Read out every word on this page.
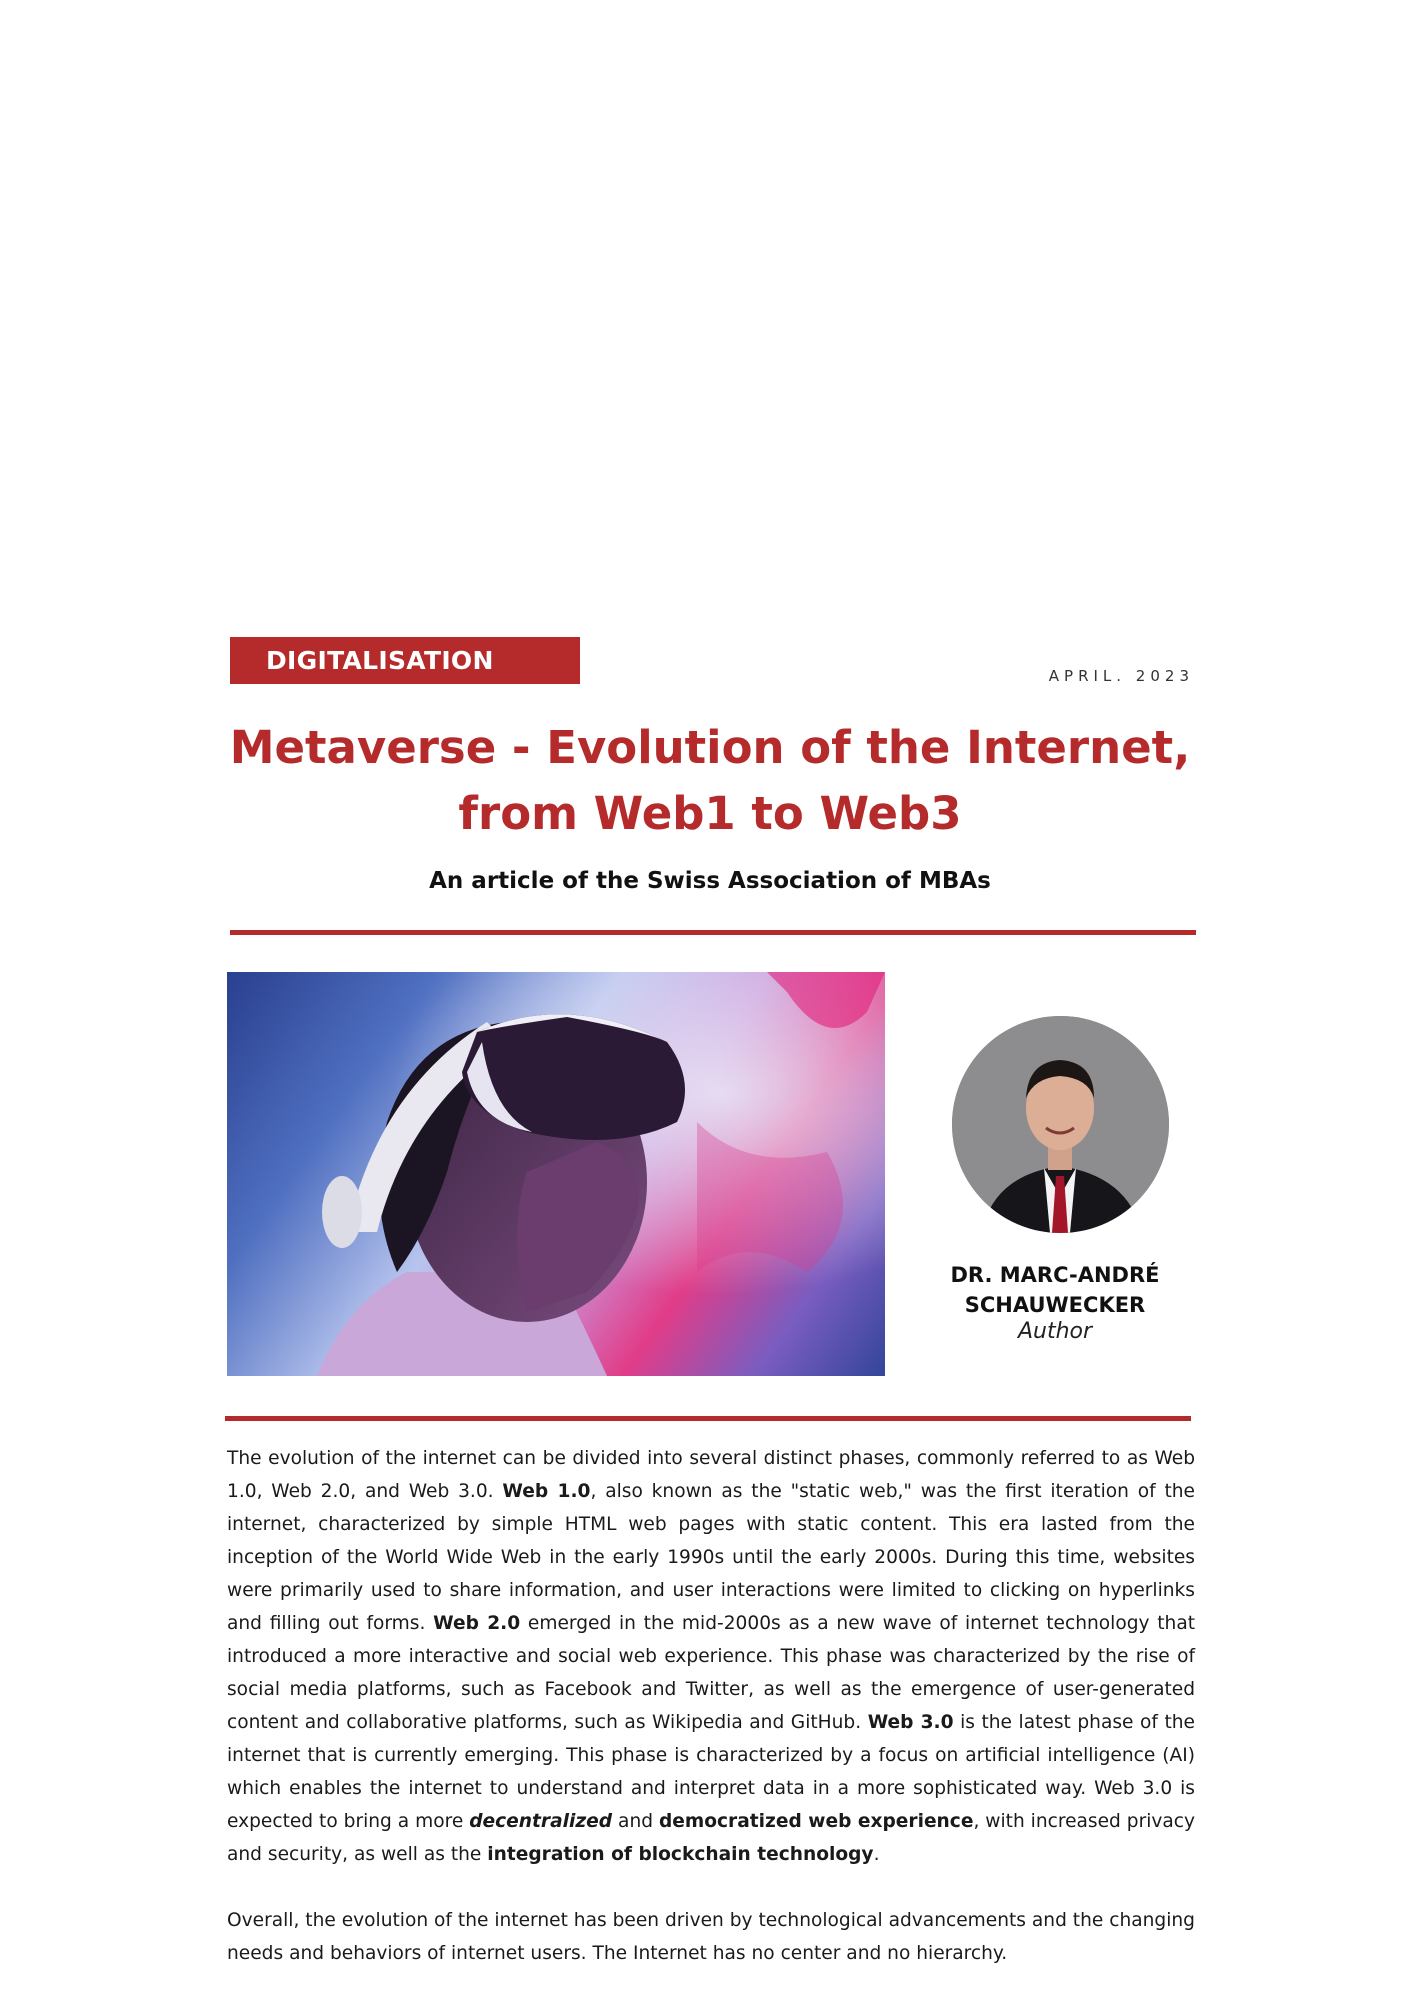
DIGITALISATION
APRIL. 2023
Metaverse - Evolution of the Internet,
from Web1 to Web3
An article of the Swiss Association of MBAs
DR. MARC-ANDRÉ
SCHAUWECKER
Author

The evolution of the internet can be divided into several distinct phases, commonly referred to as Web 1.0, Web 2.0, and Web 3.0. Web 1.0, also known as the "static web," was the first iteration of the internet, characterized by simple HTML web pages with static content. This era lasted from the inception of the World Wide Web in the early 1990s until the early 2000s. During this time, websites were primarily used to share information, and user interactions were limited to clicking on hyperlinks and filling out forms. Web 2.0 emerged in the mid-2000s as a new wave of internet technology that introduced a more interactive and social web experience. This phase was characterized by the rise of social media platforms, such as Facebook and Twitter, as well as the emergence of user-generated content and collaborative platforms, such as Wikipedia and GitHub. Web 3.0 is the latest phase of the internet that is currently emerging. This phase is characterized by a focus on artificial intelligence (AI) which enables the internet to understand and interpret data in a more sophisticated way. Web 3.0 is expected to bring a more decentralized and democratized web experience, with increased privacy and security, as well as the integration of blockchain technology.

Overall, the evolution of the internet has been driven by technological advancements and the changing needs and behaviors of internet users. The Internet has no center and no hierarchy.
